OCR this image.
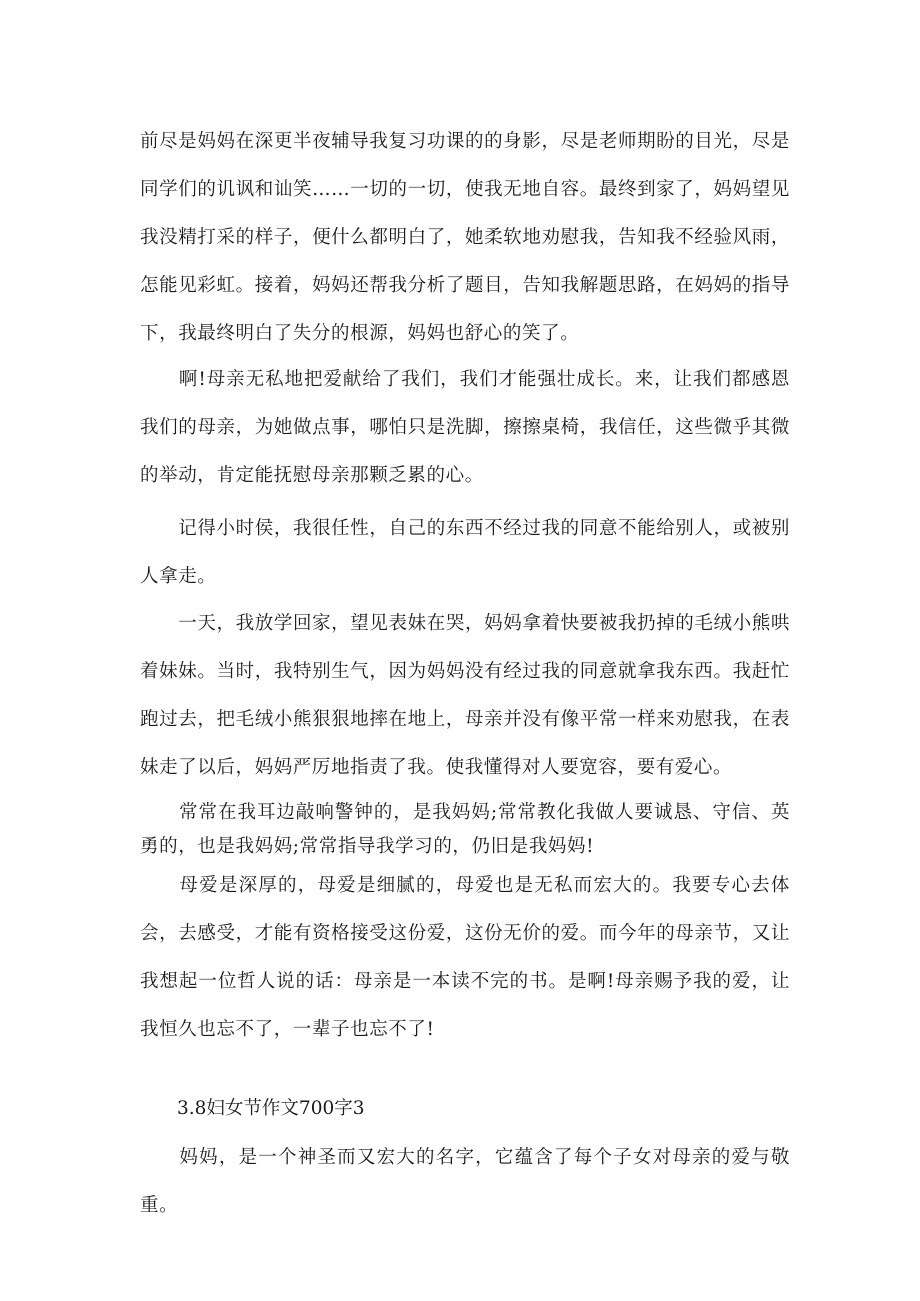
前尽是妈妈在深更半夜辅导我复习功课的的身影，尽是老师期盼的目光，尽是同学们的讥讽和讪笑……一切的一切，使我无地自容。最终到家了，妈妈望见我没精打采的样子，便什么都明白了，她柔软地劝慰我，告知我不经验风雨，怎能见彩虹。接着，妈妈还帮我分析了题目，告知我解题思路，在妈妈的指导下，我最终明白了失分的根源，妈妈也舒心的笑了。

　　啊!母亲无私地把爱献给了我们，我们才能强壮成长。来，让我们都感恩我们的母亲，为她做点事，哪怕只是洗脚，擦擦桌椅，我信任，这些微乎其微的举动，肯定能抚慰母亲那颗乏累的心。

　　记得小时侯，我很任性，自己的东西不经过我的同意不能给别人，或被别人拿走。

　　一天，我放学回家，望见表妹在哭，妈妈拿着快要被我扔掉的毛绒小熊哄着妹妹。当时，我特别生气，因为妈妈没有经过我的同意就拿我东西。我赶忙跑过去，把毛绒小熊狠狠地摔在地上，母亲并没有像平常一样来劝慰我，在表妹走了以后，妈妈严厉地指责了我。使我懂得对人要宽容，要有爱心。

　　常常在我耳边敲响警钟的，是我妈妈;常常教化我做人要诚恳、守信、英勇的，也是我妈妈;常常指导我学习的，仍旧是我妈妈!

　　母爱是深厚的，母爱是细腻的，母爱也是无私而宏大的。我要专心去体会，去感受，才能有资格接受这份爱，这份无价的爱。而今年的母亲节，又让我想起一位哲人说的话：母亲是一本读不完的书。是啊!母亲赐予我的爱，让我恒久也忘不了，一辈子也忘不了!

3.8妇女节作文700字3

　　妈妈，是一个神圣而又宏大的名字，它蕴含了每个子女对母亲的爱与敬重。
